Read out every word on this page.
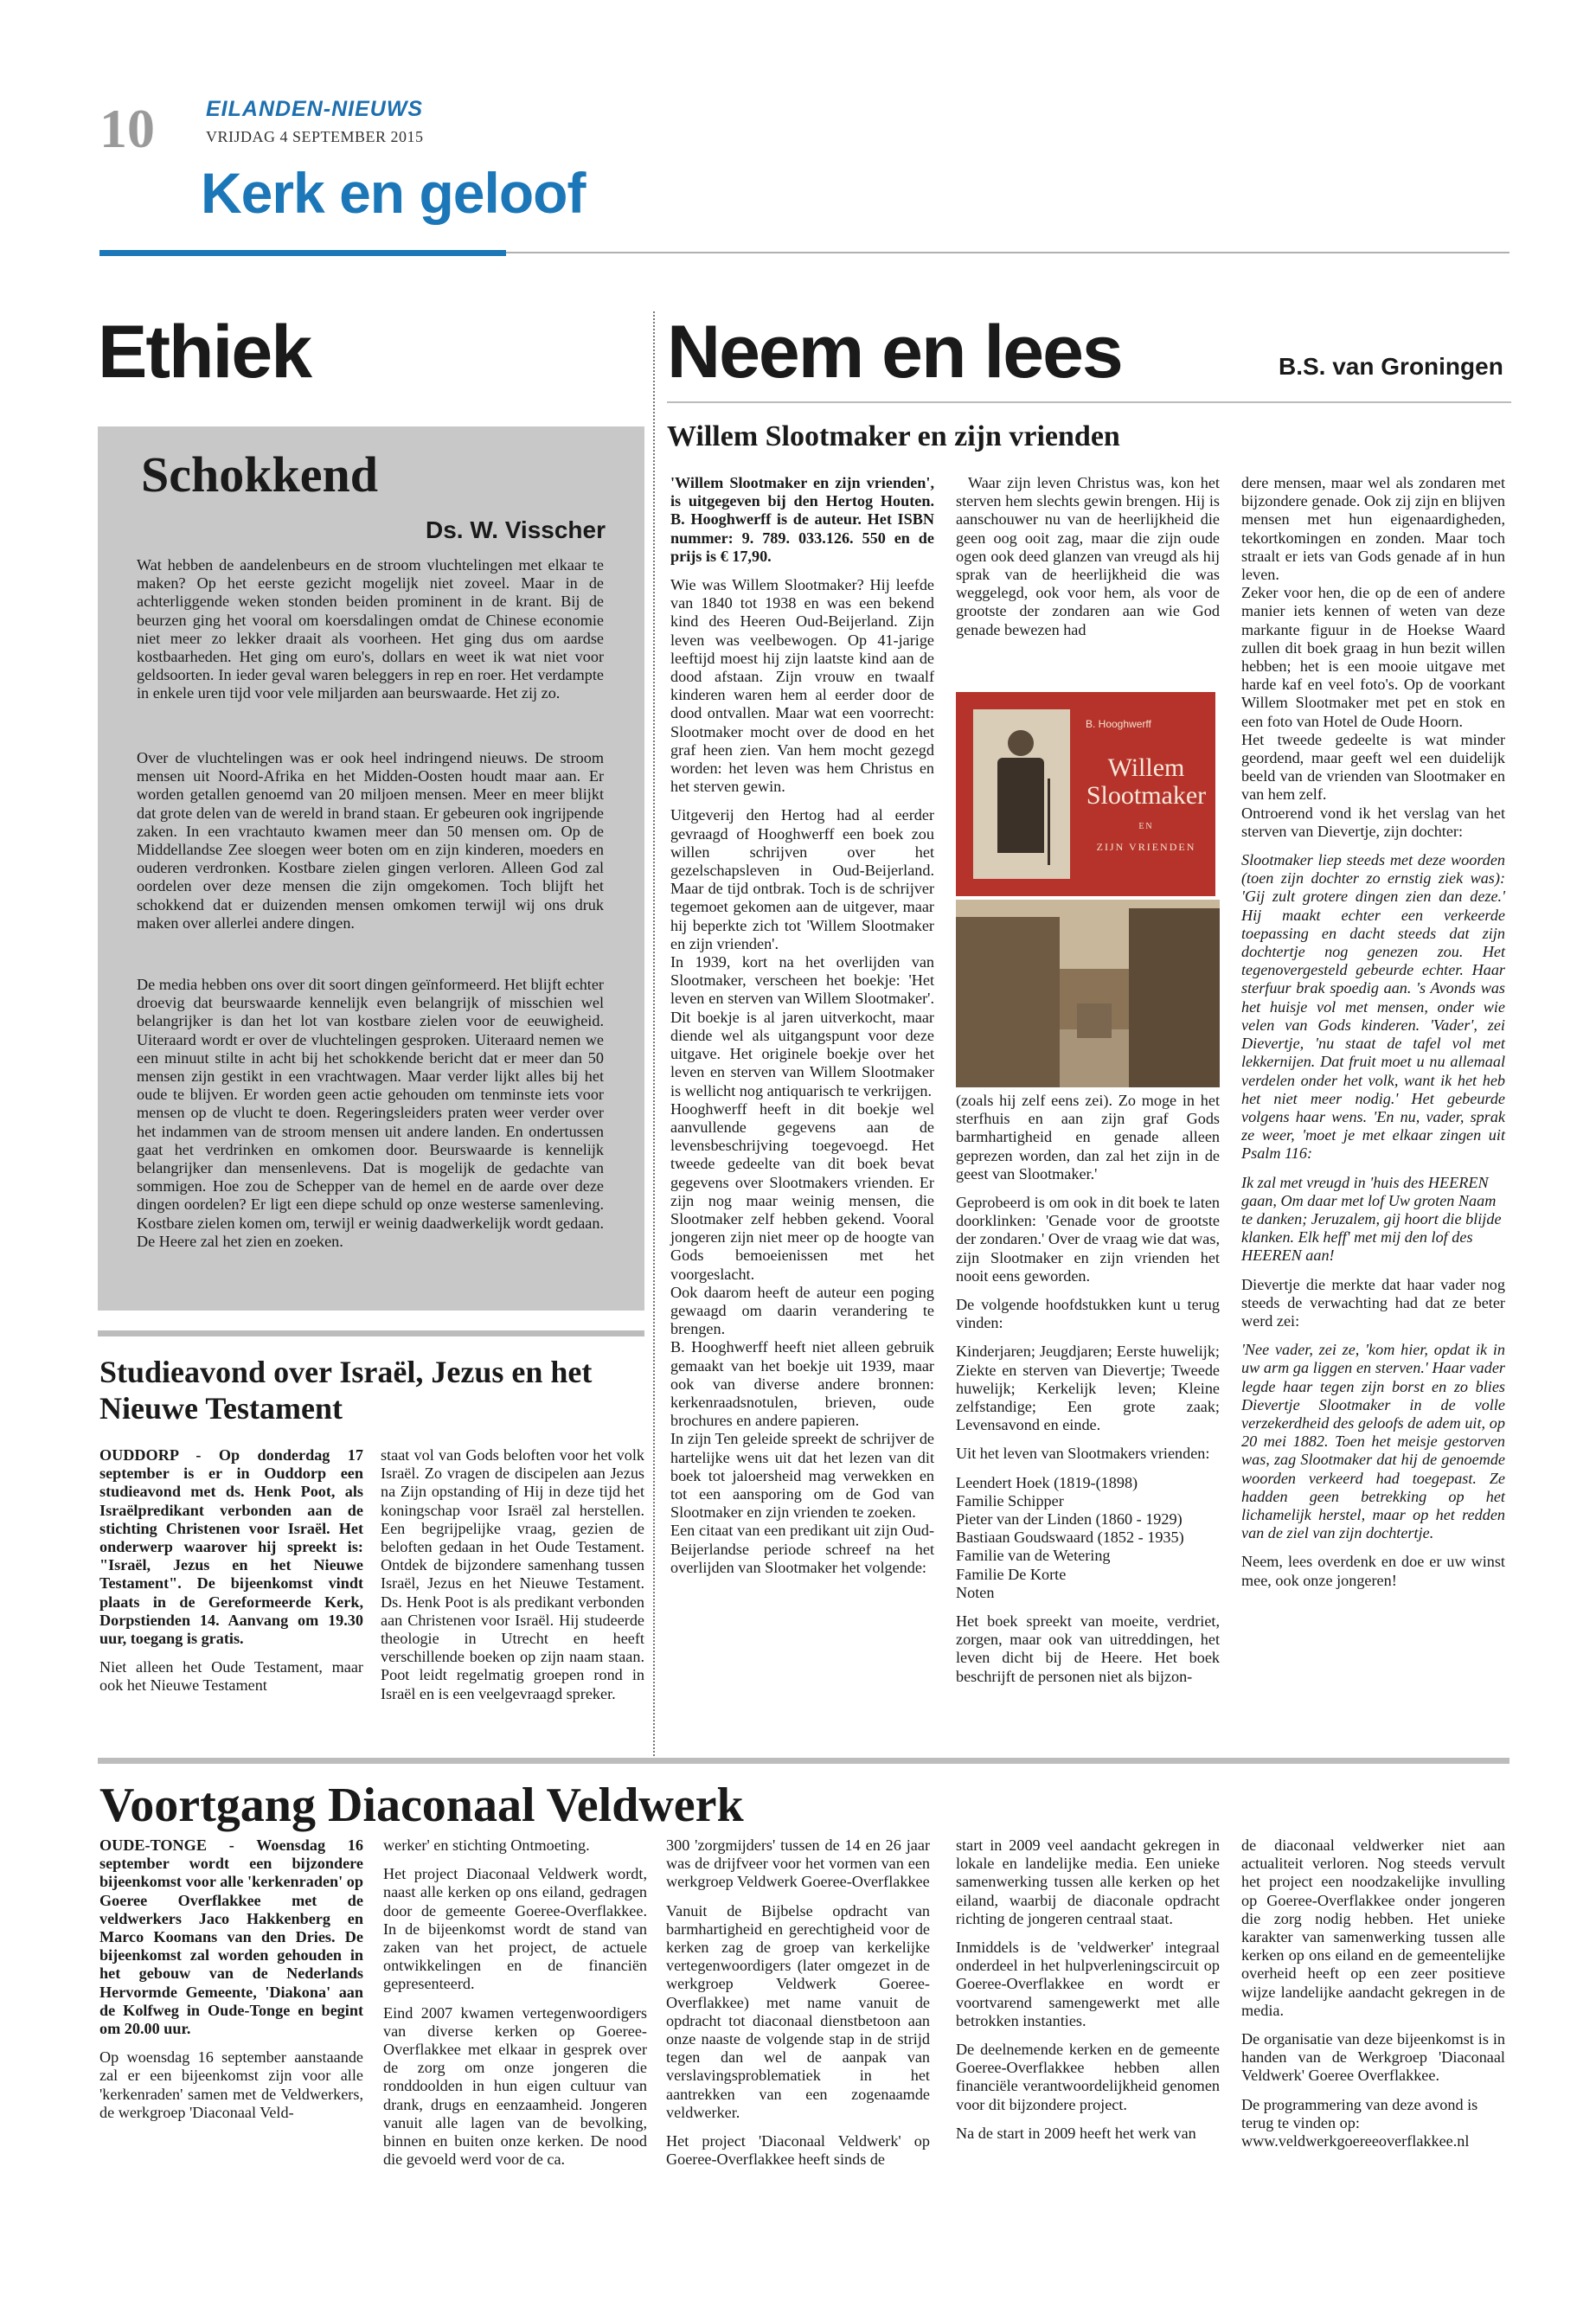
10 EILANDEN-NIEUWS
VRIJDAG 4 SEPTEMBER 2015
Kerk en geloof
Ethiek	Neem en lees	B.S. van Groningen
Schokkend
Ds. W. Visscher
Wat hebben de aandelenbeurs en de stroom vluchtelingen met elkaar te maken? Op het eerste gezicht mogelijk niet zoveel. Maar in de achterliggende weken stonden beiden prominent in de krant. Bij de beurzen ging het vooral om koersdalingen omdat de Chinese economie niet meer zo lekker draait als voorheen. Het ging dus om aardse kostbaarheden. Het ging om euro's, dollars en weet ik wat niet voor geldsoorten. In ieder geval waren beleggers in rep en roer. Het verdampte in enkele uren tijd voor vele miljarden aan beurswaarde. Het zij zo.
Over de vluchtelingen was er ook heel indringend nieuws. De stroom mensen uit Noord-Afrika en het Midden-Oosten houdt maar aan. Er worden getallen genoemd van 20 miljoen mensen. Meer en meer blijkt dat grote delen van de wereld in brand staan. Er gebeuren ook ingrijpende zaken. In een vrachtauto kwamen meer dan 50 mensen om. Op de Middellandse Zee sloegen weer boten om en zijn kinderen, moeders en ouderen verdronken. Kostbare zielen gingen verloren. Alleen God zal oordelen over deze mensen die zijn omgekomen. Toch blijft het schokkend dat er duizenden mensen omkomen terwijl wij ons druk maken over allerlei andere dingen.
De media hebben ons over dit soort dingen geïnformeerd. Het blijft echter droevig dat beurswaarde kennelijk even belangrijk of misschien wel belangrijker is dan het lot van kostbare zielen voor de eeuwigheid. Uiteraard wordt er over de vluchtelingen gesproken. Uiteraard nemen we een minuut stilte in acht bij het schokkende bericht dat er meer dan 50 mensen zijn gestikt in een vrachtwagen. Maar verder lijkt alles bij het oude te blijven. Er worden geen actie gehouden om tenminste iets voor mensen op de vlucht te doen. Regeringsleiders praten weer verder over het indammen van de stroom mensen uit andere landen. En ondertussen gaat het verdrinken en omkomen door. Beurswaarde is kennelijk belangrijker dan mensenlevens. Dat is mogelijk de gedachte van sommigen. Hoe zou de Schepper van de hemel en de aarde over deze dingen oordelen? Er ligt een diepe schuld op onze westerse samenleving. Kostbare zielen komen om, terwijl er weinig daadwerkelijk wordt gedaan. De Heere zal het zien en zoeken.
Studieavond over Israël, Jezus en het Nieuwe Testament

OUDDORP - Op donderdag 17 september is er in Ouddorp een studieavond met ds. Henk Poot, als Israëlpredikant verbonden aan de stichting Christenen voor Israël. Het onderwerp waarover hij spreekt is: "Israël, Jezus en het Nieuwe Testament". De bijeenkomst vindt plaats in de Gereformeerde Kerk, Dorpstienden 14. Aanvang om 19.30 uur, toegang is gratis.

Niet alleen het Oude Testament, maar ook het Nieuwe Testament

staat vol van Gods beloften voor het volk Israël. Zo vragen de discipelen aan Jezus na Zijn opstanding of Hij in deze tijd het koningschap voor Israël zal herstellen. Een begrijpelijke vraag, gezien de beloften gedaan in het Oude Testament. Ontdek de bijzondere samenhang tussen Israël, Jezus en het Nieuwe Testament. Ds. Henk Poot is als predikant verbonden aan Christenen voor Israël. Hij studeerde theologie in Utrecht en heeft verschillende boeken op zijn naam staan. Poot leidt regelmatig groepen rond in Israël en is een veelgevraagd spreker.

Willem Slootmaker en zijn vrienden

'Willem Slootmaker en zijn vrienden', is uitgegeven bij den Hertog Houten. B. Hooghwerff is de auteur. Het ISBN nummer: 9. 789. 033.126. 550 en de prijs is € 17,90.

Wie was Willem Slootmaker? Hij leefde van 1840 tot 1938 en was een bekend kind des Heeren Oud-Beijerland. Zijn leven was veelbewogen. Op 41-jarige leeftijd moest hij zijn laatste kind aan de dood afstaan. Zijn vrouw en twaalf kinderen waren hem al eerder door de dood ontvallen. Maar wat een voorrecht: Slootmaker mocht over de dood en het graf heen zien. Van hem mocht gezegd worden: het leven was hem Christus en het sterven gewin.

Uitgeverij den Hertog had al eerder gevraagd of Hooghwerff een boek zou willen schrijven over het gezelschapsleven in Oud-Beijerland. Maar de tijd ontbrak. Toch is de schrijver tegemoet gekomen aan de uitgever, maar hij beperkte zich tot 'Willem Slootmaker en zijn vrienden'.

In 1939, kort na het overlijden van Slootmaker, verscheen het boekje: 'Het leven en sterven van Willem Slootmaker'. Dit boekje is al jaren uitverkocht, maar diende wel als uitgangspunt voor deze uitgave. Het originele boekje over het leven en sterven van Willem Slootmaker is wellicht nog antiquarisch te verkrijgen.

Hooghwerff heeft in dit boekje wel aanvullende gegevens aan de levensbeschrijving toegevoegd. Het tweede gedeelte van dit boek bevat gegevens over Slootmakers vrienden. Er zijn nog maar weinig mensen, die Slootmaker zelf hebben gekend. Vooral jongeren zijn niet meer op de hoogte van Gods bemoeienissen met het voorgeslacht.

Ook daarom heeft de auteur een poging gewaagd om daarin verandering te brengen.

B. Hooghwerff heeft niet alleen gebruik gemaakt van het boekje uit 1939, maar ook van diverse andere bronnen: kerkenraadsnotulen, brieven, oude brochures en andere papieren.

In zijn Ten geleide spreekt de schrijver de hartelijke wens uit dat het lezen van dit boek tot jaloersheid mag verwekken en tot een aansporing om de God van Slootmaker en zijn vrienden te zoeken.

Een citaat van een predikant uit zijn Oud-Beijerlandse periode schreef na het overlijden van Slootmaker het volgende:

Waar zijn leven Christus was, kon het sterven hem slechts gewin brengen. Hij is aanschouwer nu van de heerlijkheid die geen oog ooit zag, maar die zijn oude ogen ook deed glanzen van vreugd als hij sprak van de heerlijkheid die was weggelegd, ook voor hem, als voor de grootste der zondaren aan wie God genade bewezen had

B. Hooghwerff
Willem Slootmaker
EN
ZIJN VRIENDEN

(zoals hij zelf eens zei). Zo moge in het sterfhuis en aan zijn graf Gods barmhartigheid en genade alleen geprezen worden, dan zal het zijn in de geest van Slootmaker.'

Geprobeerd is om ook in dit boek te laten doorklinken: 'Genade voor de grootste der zondaren.' Over de vraag wie dat was, zijn Slootmaker en zijn vrienden het nooit eens geworden.

De volgende hoofdstukken kunt u terug vinden:

Kinderjaren; Jeugdjaren; Eerste huwelijk; Ziekte en sterven van Dievertje; Tweede huwelijk; Kerkelijk leven; Kleine zelfstandige; Een grote zaak; Levensavond en einde.

Uit het leven van Slootmakers vrienden:

Leendert Hoek (1819-(1898)
Familie Schipper
Pieter van der Linden (1860 - 1929)
Bastiaan Goudswaard (1852 - 1935)
Familie van de Wetering
Familie De Korte
Noten

Het boek spreekt van moeite, verdriet, zorgen, maar ook van uitreddingen, het leven dicht bij de Heere. Het boek beschrijft de personen niet als bijzon-

dere mensen, maar wel als zondaren met bijzondere genade. Ook zij zijn en blijven mensen met hun eigenaardigheden, tekortkomingen en zonden. Maar toch straalt er iets van Gods genade af in hun leven.

Zeker voor hen, die op de een of andere manier iets kennen of weten van deze markante figuur in de Hoekse Waard zullen dit boek graag in hun bezit willen hebben; het is een mooie uitgave met harde kaf en veel foto's. Op de voorkant Willem Slootmaker met pet en stok en een foto van Hotel de Oude Hoorn.

Het tweede gedeelte is wat minder geordend, maar geeft wel een duidelijk beeld van de vrienden van Slootmaker en van hem zelf.

Ontroerend vond ik het verslag van het sterven van Dievertje, zijn dochter:

Slootmaker liep steeds met deze woorden (toen zijn dochter zo ernstig ziek was): 'Gij zult grotere dingen zien dan deze.' Hij maakt echter een verkeerde toepassing en dacht steeds dat zijn dochtertje nog genezen zou. Het tegenovergesteld gebeurde echter. Haar sterfuur brak spoedig aan. 's Avonds was het huisje vol met mensen, onder wie velen van Gods kinderen. 'Vader', zei Dievertje, 'nu staat de tafel vol met lekkernijen. Dat fruit moet u nu allemaal verdelen onder het volk, want ik het heb het niet meer nodig.' Het gebeurde volgens haar wens. 'En nu, vader, sprak ze weer, 'moet je met elkaar zingen uit Psalm 116:

Ik zal met vreugd in 'huis des HEEREN gaan, Om daar met lof Uw groten Naam te danken; Jeruzalem, gij hoort die blijde klanken. Elk heff' met mij den lof des HEEREN aan!

Dievertje die merkte dat haar vader nog steeds de verwachting had dat ze beter werd zei:

'Nee vader, zei ze, 'kom hier, opdat ik in uw arm ga liggen en sterven.' Haar vader legde haar tegen zijn borst en zo blies Dievertje Slootmaker in de volle verzekerdheid des geloofs de adem uit, op 20 mei 1882. Toen het meisje gestorven was, zag Slootmaker dat hij de genoemde woorden verkeerd had toegepast. Ze hadden geen betrekking op het lichamelijk herstel, maar op het redden van de ziel van zijn dochtertje.

Neem, lees overdenk en doe er uw winst mee, ook onze jongeren!

Voortgang Diaconaal Veldwerk

OUDE-TONGE - Woensdag 16 september wordt een bijzondere bijeenkomst voor alle 'kerkenraden' op Goeree Overflakkee met de veldwerkers Jaco Hakkenberg en Marco Koomans van den Dries. De bijeenkomst zal worden gehouden in het gebouw van de Nederlands Hervormde Gemeente, 'Diakona' aan de Kolfweg in Oude-Tonge en begint om 20.00 uur.

Op woensdag 16 september aanstaande zal er een bijeenkomst zijn voor alle 'kerkenraden' samen met de Veldwerkers, de werkgroep 'Diaconaal Veld-

werker' en stichting Ontmoeting.

Het project Diaconaal Veldwerk wordt, naast alle kerken op ons eiland, gedragen door de gemeente Goeree-Overflakkee. In de bijeenkomst wordt de stand van zaken van het project, de actuele ontwikkelingen en de financiën gepresenteerd.

Eind 2007 kwamen vertegenwoordigers van diverse kerken op Goeree-Overflakkee met elkaar in gesprek over de zorg om onze jongeren die ronddoolden in hun eigen cultuur van drank, drugs en eenzaamheid. Jongeren vanuit alle lagen van de bevolking, binnen en buiten onze kerken. De nood die gevoeld werd voor de ca.

300 'zorgmijders' tussen de 14 en 26 jaar was de drijfveer voor het vormen van een werkgroep Veldwerk Goeree-Overflakkee

Vanuit de Bijbelse opdracht van barmhartigheid en gerechtigheid voor de kerken zag de groep van kerkelijke vertegenwoordigers (later omgezet in de werkgroep Veldwerk Goeree-Overflakkee) met name vanuit de opdracht tot diaconaal dienstbetoon aan onze naaste de volgende stap in de strijd tegen dan wel de aanpak van verslavingsproblematiek in het aantrekken van een zogenaamde veldwerker.

Het project 'Diaconaal Veldwerk' op Goeree-Overflakkee heeft sinds de

start in 2009 veel aandacht gekregen in lokale en landelijke media. Een unieke samenwerking tussen alle kerken op het eiland, waarbij de diaconale opdracht richting de jongeren centraal staat.

Inmiddels is de 'veldwerker' integraal onderdeel in het hulpverleningscircuit op Goeree-Overflakkee en wordt er voortvarend samengewerkt met alle betrokken instanties.

De deelnemende kerken en de gemeente Goeree-Overflakkee hebben allen financiële verantwoordelijkheid genomen voor dit bijzondere project.

Na de start in 2009 heeft het werk van

de diaconaal veldwerker niet aan actualiteit verloren. Nog steeds vervult het project een noodzakelijke invulling op Goeree-Overflakkee onder jongeren die zorg nodig hebben. Het unieke karakter van samenwerking tussen alle kerken op ons eiland en de gemeentelijke overheid heeft op een zeer positieve wijze landelijke aandacht gekregen in de media.

De organisatie van deze bijeenkomst is in handen van de Werkgroep 'Diaconaal Veldwerk' Goeree Overflakkee.

De programmering van deze avond is terug te vinden op: www.veldwerkgoereeoverflakkee.nl
